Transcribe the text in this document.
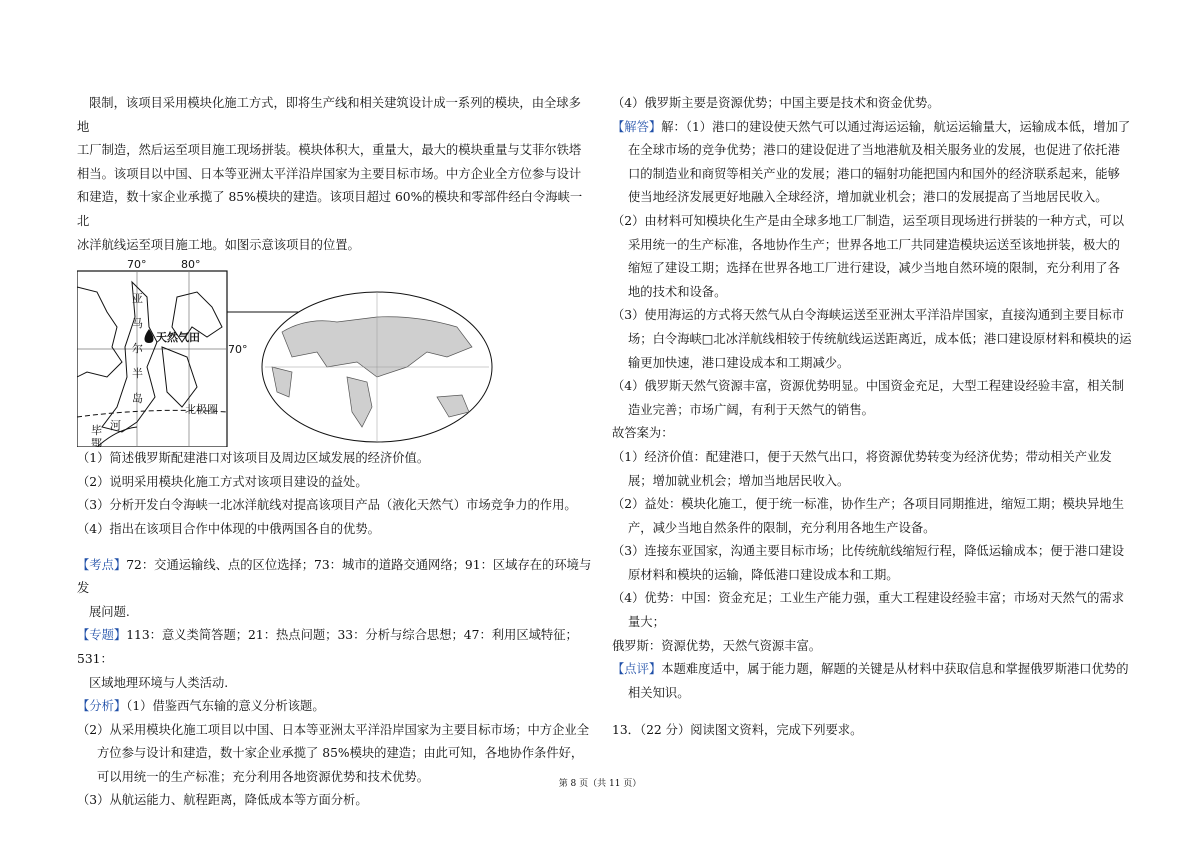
限制，该项目采用模块化施工方式，即将生产线和相关建筑设计成一系列的模块，由全球多地

工厂制造，然后运至项目施工现场拼装。模块体积大，重量大，最大的模块重量与艾菲尔铁塔

相当。该项目以中国、日本等亚洲太平洋沿岸国家为主要目标市场。中方企业全方位参与设计

和建造，数十家企业承揽了 85%模块的建造。该项目超过 60%的模块和零部件经白令海峡一北

冰洋航线运至项目施工地。如图示意该项目的位置。

70°	80°
70°
亚
马
尔
半
岛
天然气田
北极圈
毕 河
鄂

（1）简述俄罗斯配建港口对该项目及周边区域发展的经济价值。

（2）说明采用模块化施工方式对该项目建设的益处。

（3）分析开发白令海峡一北冰洋航线对提高该项目产品（液化天然气）市场竞争力的作用。

（4）指出在该项目合作中体现的中俄两国各自的优势。

【考点】72：交通运输线、点的区位选择；73：城市的道路交通网络；91：区域存在的环境与发

展问题.

【专题】113：意义类简答题；21：热点问题；33：分析与综合思想；47：利用区域特征；531：

区域地理环境与人类活动.

【分析】（1）借鉴西气东输的意义分析该题。

（2）从采用模块化施工项目以中国、日本等亚洲太平洋沿岸国家为主要目标市场；中方企业全方位参与设计和建造，数十家企业承揽了 85%模块的建造；由此可知，各地协作条件好，可以用统一的生产标准；充分利用各地资源优势和技术优势。

（3）从航运能力、航程距离，降低成本等方面分析。

（4）俄罗斯主要是资源优势；中国主要是技术和资金优势。

【解答】解：（1）港口的建设使天然气可以通过海运运输，航运运输量大，运输成本低，增加了在全球市场的竞争优势；港口的建设促进了当地港航及相关服务业的发展，也促进了依托港口的制造业和商贸等相关产业的发展；港口的辐射功能把国内和国外的经济联系起来，能够使当地经济发展更好地融入全球经济，增加就业机会；港口的发展提高了当地居民收入。

（2）由材料可知模块化生产是由全球多地工厂制造，运至项目现场进行拼装的一种方式，可以采用统一的生产标准，各地协作生产；世界各地工厂共同建造模块运送至该地拼装，极大的缩短了建设工期；选择在世界各地工厂进行建设，减少当地自然环境的限制，充分利用了各地的技术和设备。

（3）使用海运的方式将天然气从白令海峡运送至亚洲太平洋沿岸国家，直接沟通到主要目标市场；白令海峡□北冰洋航线相较于传统航线运送距离近，成本低；港口建设原材料和模块的运输更加快速，港口建设成本和工期减少。

（4）俄罗斯天然气资源丰富，资源优势明显。中国资金充足，大型工程建设经验丰富，相关制造业完善；市场广阔，有利于天然气的销售。

故答案为：

（1）经济价值：配建港口，便于天然气出口，将资源优势转变为经济优势；带动相关产业发展；增加就业机会；增加当地居民收入。

（2）益处：模块化施工，便于统一标准，协作生产；各项目同期推进，缩短工期；模块异地生产，减少当地自然条件的限制，充分利用各地生产设备。

（3）连接东亚国家，沟通主要目标市场；比传统航线缩短行程，降低运输成本；便于港口建设原材料和模块的运输，降低港口建设成本和工期。

（4）优势：中国：资金充足；工业生产能力强，重大工程建设经验丰富；市场对天然气的需求量大；

俄罗斯：资源优势，天然气资源丰富。

【点评】本题难度适中，属于能力题，解题的关键是从材料中获取信息和掌握俄罗斯港口优势的相关知识。

13．（22 分）阅读图文资料，完成下列要求。

第 8 页（共 11 页）
